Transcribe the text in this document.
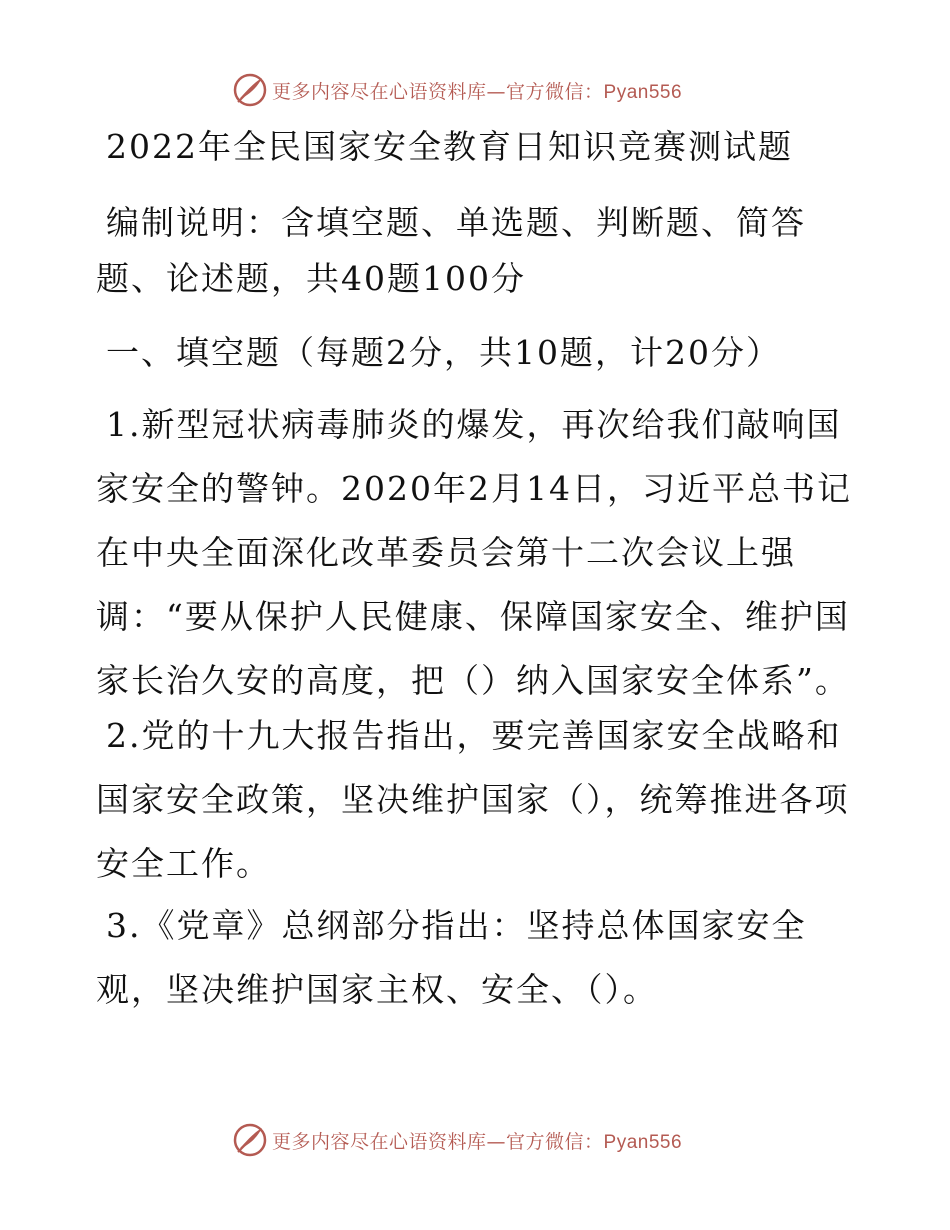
更多内容尽在心语资料库—官方微信：Pyan556

2022年全民国家安全教育日知识竞赛测试题

编制说明：含填空题、单选题、判断题、简答

题、论述题，共40题100分

一、填空题（每题2分，共10题，计20分）

1.新型冠状病毒肺炎的爆发，再次给我们敲响国

家安全的警钟。2020年2月14日，习近平总书记

在中央全面深化改革委员会第十二次会议上强

调：“要从保护人民健康、保障国家安全、维护国

家长治久安的高度，把（）纳入国家安全体系”。

2.党的十九大报告指出，要完善国家安全战略和

国家安全政策，坚决维护国家（），统筹推进各项

安全工作。

3.《党章》总纲部分指出：坚持总体国家安全

观，坚决维护国家主权、安全、（）。

更多内容尽在心语资料库—官方微信：Pyan556
